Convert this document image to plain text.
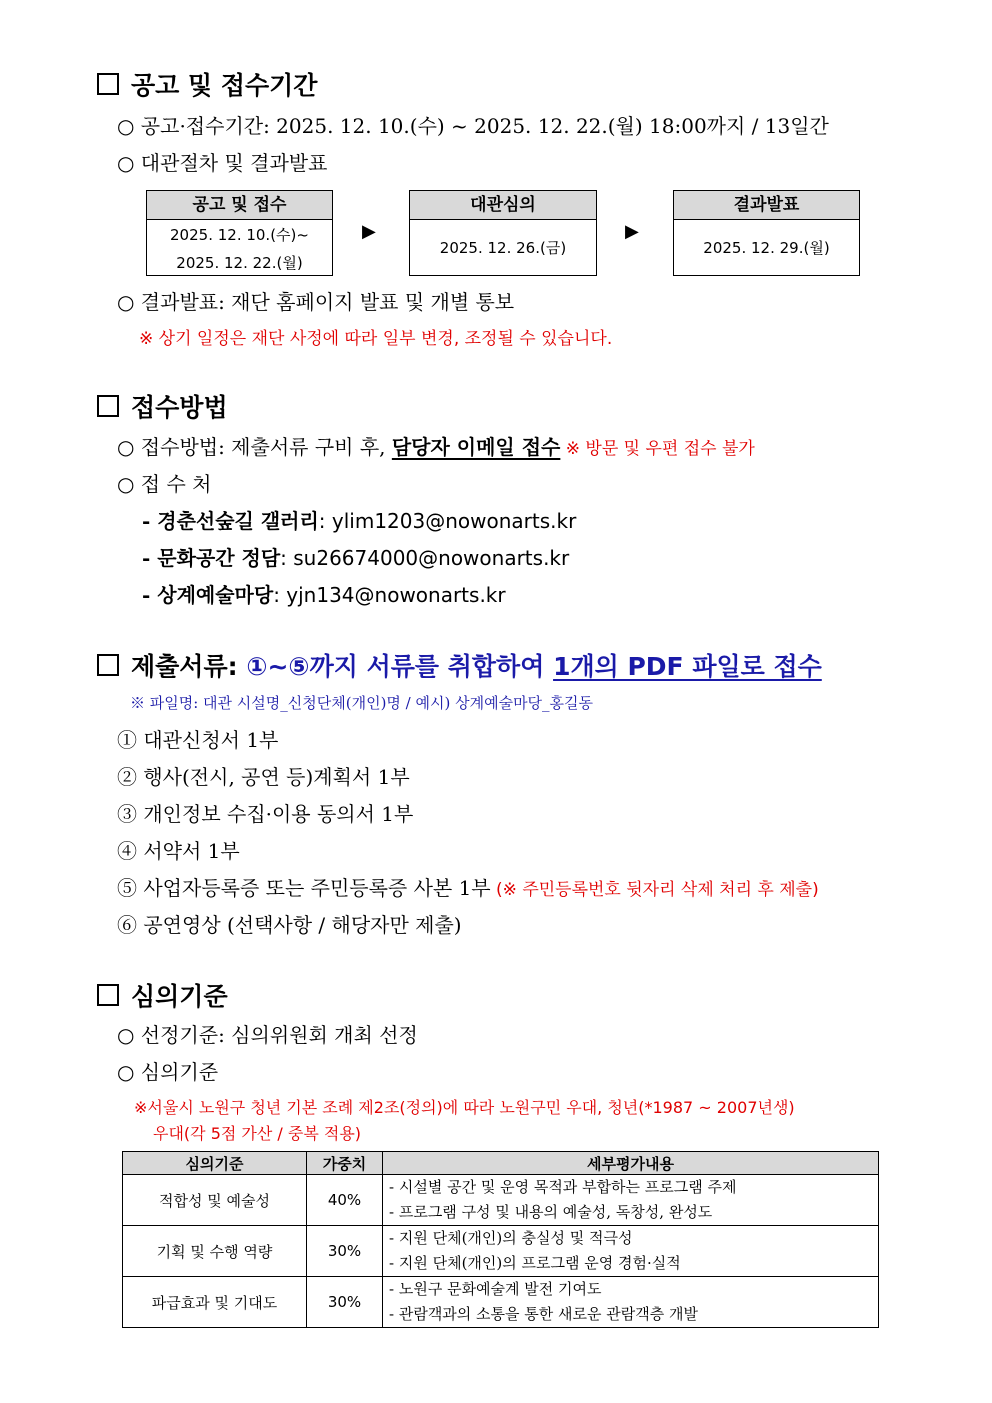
공고 및 접수기간
○ 공고·접수기간: 2025. 12. 10.(수) ~ 2025. 12. 22.(월) 18:00까지 / 13일간
○ 대관절차 및 결과발표
공고 및 접수
2025. 12. 10.(수)~
2025. 12. 22.(월)
▶
대관심의
2025. 12. 26.(금)
▶
결과발표
2025. 12. 29.(월)
○ 결과발표: 재단 홈페이지 발표 및 개별 통보
※ 상기 일정은 재단 사정에 따라 일부 변경, 조정될 수 있습니다.
접수방법
○ 접수방법: 제출서류 구비 후, 담당자 이메일 접수 ※ 방문 및 우편 접수 불가
○ 접 수 처
- 경춘선숲길 갤러리: ylim1203@nowonarts.kr
- 문화공간 정담: su26674000@nowonarts.kr
- 상계예술마당: yjn134@nowonarts.kr
제출서류: ①~⑤까지 서류를 취합하여 1개의 PDF 파일로 접수
※ 파일명: 대관 시설명_신청단체(개인)명 / 예시) 상계예술마당_홍길동
① 대관신청서 1부
② 행사(전시, 공연 등)계획서 1부
③ 개인정보 수집·이용 동의서 1부
④ 서약서 1부
⑤ 사업자등록증 또는 주민등록증 사본 1부 (※ 주민등록번호 뒷자리 삭제 처리 후 제출)
⑥ 공연영상 (선택사항 / 해당자만 제출)
심의기준
○ 선정기준: 심의위원회 개최 선정
○ 심의기준
※서울시 노원구 청년 기본 조례 제2조(정의)에 따라 노원구민 우대, 청년(*1987 ~ 2007년생)
우대(각 5점 가산 / 중복 적용)
심의기준	가중치	세부평가내용
적합성 및 예술성	40%	- 시설별 공간 및 운영 목적과 부합하는 프로그램 주제
- 프로그램 구성 및 내용의 예술성, 독창성, 완성도

기획 및 수행 역량	30%	- 지원 단체(개인)의 충실성 및 적극성
- 지원 단체(개인)의 프로그램 운영 경험·실적

파급효과 및 기대도	30%	- 노원구 문화예술계 발전 기여도
- 관람객과의 소통을 통한 새로운 관람객층 개발
